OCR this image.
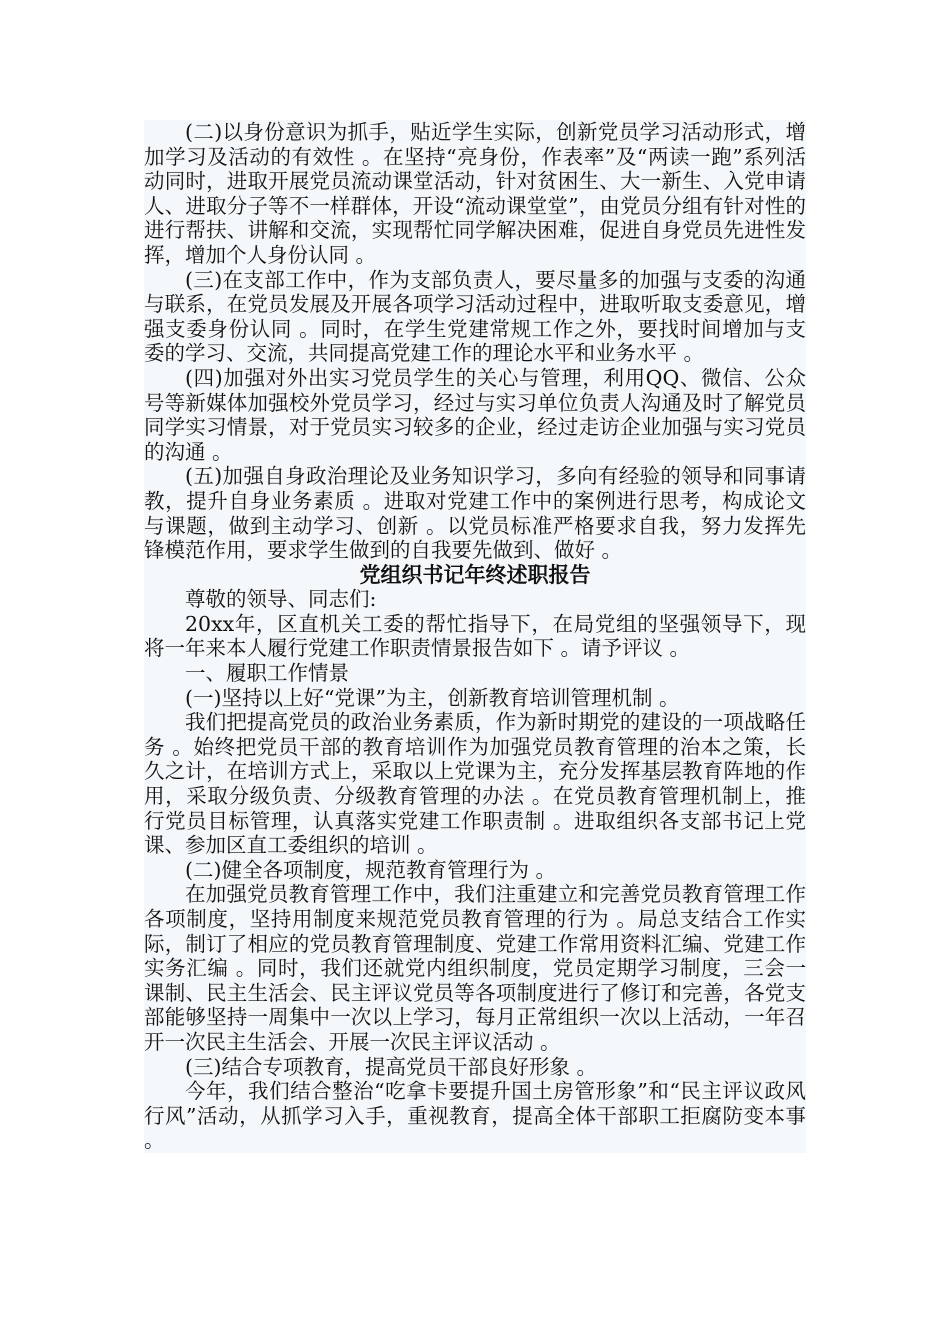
(二)以身份意识为抓手，贴近学生实际，创新党员学习活动形式，增加学习及活动的有效性 。在坚持“亮身份，作表率”及“两读一跑”系列活动同时，进取开展党员流动课堂活动，针对贫困生、大一新生、入党申请人、进取分子等不一样群体，开设“流动课堂堂”，由党员分组有针对性的进行帮扶、讲解和交流，实现帮忙同学解决困难，促进自身党员先进性发挥，增加个人身份认同 。

(三)在支部工作中，作为支部负责人，要尽量多的加强与支委的沟通与联系，在党员发展及开展各项学习活动过程中，进取听取支委意见，增强支委身份认同 。同时，在学生党建常规工作之外，要找时间增加与支委的学习、交流，共同提高党建工作的理论水平和业务水平 。

(四)加强对外出实习党员学生的关心与管理，利用QQ、微信、公众号等新媒体加强校外党员学习，经过与实习单位负责人沟通及时了解党员同学实习情景，对于党员实习较多的企业，经过走访企业加强与实习党员的沟通 。

(五)加强自身政治理论及业务知识学习，多向有经验的领导和同事请教，提升自身业务素质 。进取对党建工作中的案例进行思考，构成论文与课题，做到主动学习、创新 。以党员标准严格要求自我，努力发挥先锋模范作用，要求学生做到的自我要先做到、做好 。

党组织书记年终述职报告

尊敬的领导、同志们:

20xx年，区直机关工委的帮忙指导下，在局党组的坚强领导下，现将一年来本人履行党建工作职责情景报告如下 。请予评议 。

一、履职工作情景

(一)坚持以上好“党课”为主，创新教育培训管理机制 。

我们把提高党员的政治业务素质，作为新时期党的建设的一项战略任务 。始终把党员干部的教育培训作为加强党员教育管理的治本之策，长久之计，在培训方式上，采取以上党课为主，充分发挥基层教育阵地的作用，采取分级负责、分级教育管理的办法 。在党员教育管理机制上，推行党员目标管理，认真落实党建工作职责制 。进取组织各支部书记上党课、参加区直工委组织的培训 。

(二)健全各项制度，规范教育管理行为 。

在加强党员教育管理工作中，我们注重建立和完善党员教育管理工作各项制度，坚持用制度来规范党员教育管理的行为 。局总支结合工作实际，制订了相应的党员教育管理制度、党建工作常用资料汇编、党建工作实务汇编 。同时，我们还就党内组织制度，党员定期学习制度，三会一课制、民主生活会、民主评议党员等各项制度进行了修订和完善，各党支部能够坚持一周集中一次以上学习，每月正常组织一次以上活动，一年召开一次民主生活会、开展一次民主评议活动 。

(三)结合专项教育，提高党员干部良好形象 。

今年，我们结合整治“吃拿卡要提升国土房管形象”和“民主评议政风行风”活动，从抓学习入手，重视教育，提高全体干部职工拒腐防变本事 。
